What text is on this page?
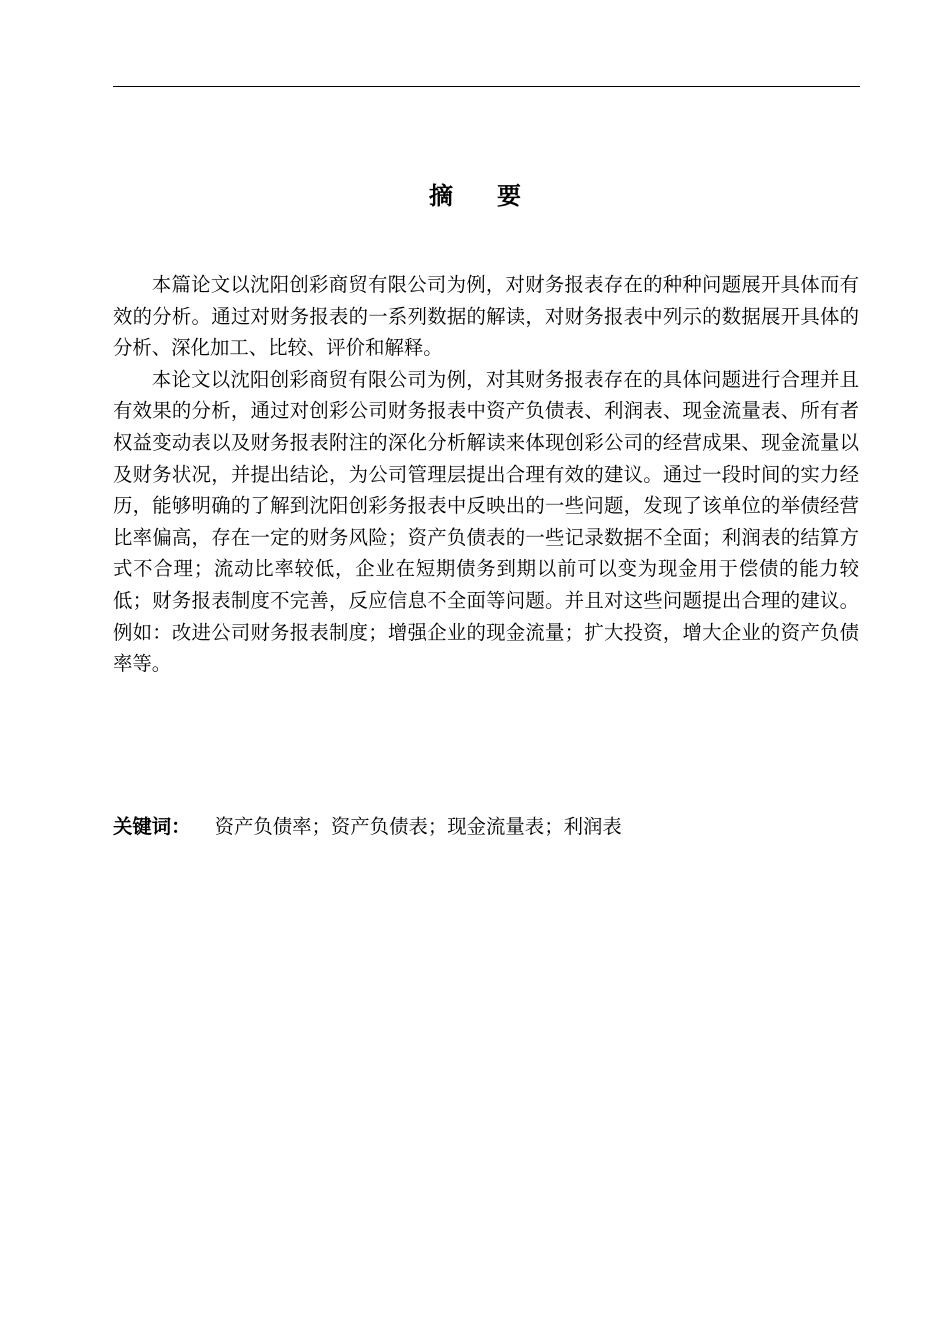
摘要

本篇论文以沈阳创彩商贸有限公司为例，对财务报表存在的种种问题展开具体而有效的分析。通过对财务报表的一系列数据的解读，对财务报表中列示的数据展开具体的分析、深化加工、比较、评价和解释。

本论文以沈阳创彩商贸有限公司为例，对其财务报表存在的具体问题进行合理并且有效果的分析，通过对创彩公司财务报表中资产负债表、利润表、现金流量表、所有者权益变动表以及财务报表附注的深化分析解读来体现创彩公司的经营成果、现金流量以及财务状况，并提出结论，为公司管理层提出合理有效的建议。通过一段时间的实力经历，能够明确的了解到沈阳创彩务报表中反映出的一些问题，发现了该单位的举债经营比率偏高，存在一定的财务风险；资产负债表的一些记录数据不全面；利润表的结算方式不合理；流动比率较低，企业在短期债务到期以前可以变为现金用于偿债的能力较低；财务报表制度不完善，反应信息不全面等问题。并且对这些问题提出合理的建议。例如：改进公司财务报表制度；增强企业的现金流量；扩大投资，增大企业的资产负债率等。

关键词： 资产负债率；资产负债表；现金流量表；利润表
